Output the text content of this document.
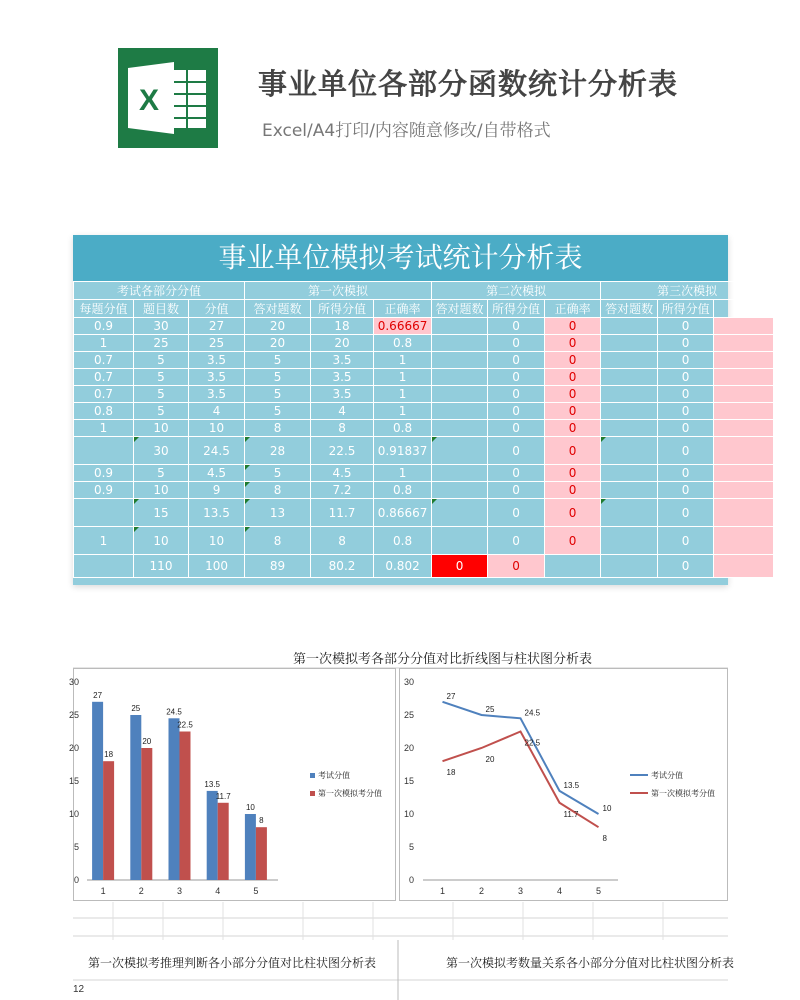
X	事业单位各部分函数统计分析表
Excel/A4打印/内容随意修改/自带格式
事业单位模拟考试统计分析表
考试各部分分值			第一次模拟			第二次模拟			第三次模拟		
每题分值	题目数	分值	答对题数	所得分值	正确率	答对题数	所得分值	正确率	答对题数	所得分值	
0.9	30	27	20	18	0.66667		0	0		0	
1	25	25	20	20	0.8		0	0		0	
0.7	5	3.5	5	3.5	1		0	0		0	
0.7	5	3.5	5	3.5	1		0	0		0	
0.7	5	3.5	5	3.5	1		0	0		0	
0.8	5	4	5	4	1		0	0		0	
1	10	10	8	8	0.8		0	0		0	
	30	24.5	28	22.5	0.91837		0	0		0	
0.9	5	4.5	5	4.5	1		0	0		0	
0.9	10	9	8	7.2	0.8		0	0		0	
	15	13.5	13	11.7	0.86667		0	0		0	
1	10	10	8	8	0.8		0	0		0	
	110	100	89	80.2	0.802	0	0			0	
12
0
5
10
15
20
25
30
27
18
1
25
20
2
24.5
22.5
3
13.5
11.7
4
10
8
5
考试分值
第一次模拟考分值
0
5
10
15
20
25
30
1	2	3	4	5
27
25	24.5
13.5
10
考试分值
18
20
22.5
11.7
8
第一次模拟考分值
第一次模拟考各部分分值对比折线图与柱状图分析表
第一次模拟考推理判断各小部分分值对比柱状图分析表	第一次模拟考数量关系各小部分分值对比柱状图分析表
